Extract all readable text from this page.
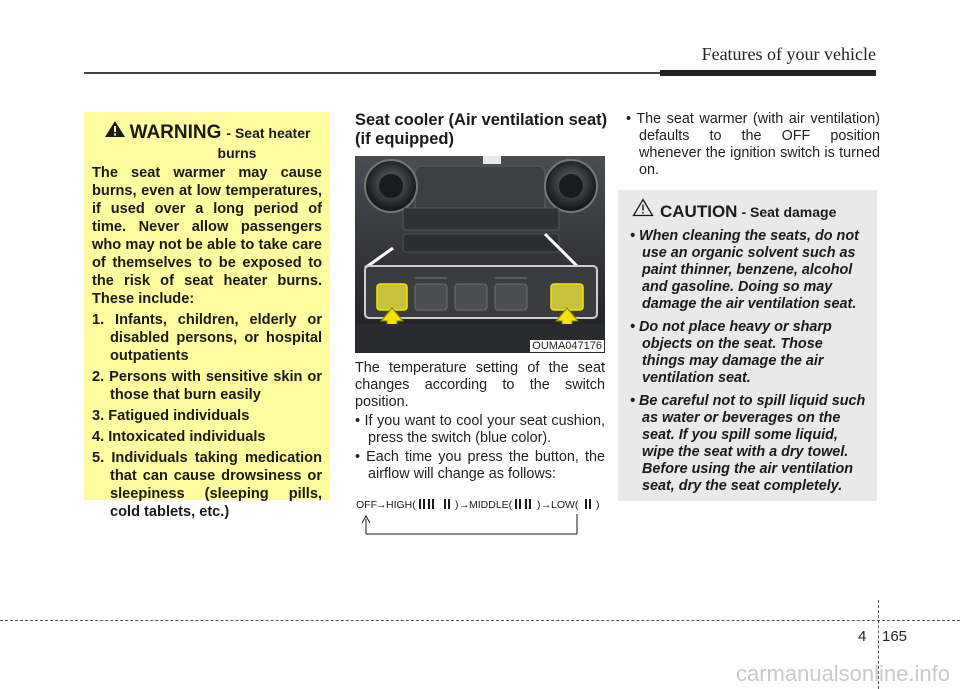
Features of your vehicle
WARNING - Seat heater
burns

The seat warmer may cause burns, even at low temperatures, if used over a long period of time. Never allow passengers who may not be able to take care of themselves to be exposed to the risk of seat heater burns. These include:

1. Infants, children, elderly or disabled persons, or hospital outpatients
2. Persons with sensitive skin or those that burn easily
3. Fatigued individuals
4. Intoxicated individuals
5. Individuals taking medication that can cause drowsiness or sleepiness (sleeping pills, cold tablets, etc.)
Seat cooler (Air ventilation seat)
(if equipped)
OUMA047176

The temperature setting of the seat changes according to the switch position.

• If you want to cool your seat cushion, press the switch (blue color).

• Each time you press the button, the airflow will change as follows:

OFF → HIGH(	) → MIDDLE( ) → LOW( )

• The seat warmer (with air ventilation) defaults to the OFF position whenever the ignition switch is turned on.

CAUTION - Seat damage
• When cleaning the seats, do not use an organic solvent such as paint thinner, benzene, alcohol and gasoline. Doing so may damage the air ventilation seat.
• Do not place heavy or sharp objects on the seat. Those things may damage the air ventilation seat.
• Be careful not to spill liquid such as water or beverages on the seat. If you spill some liquid, wipe the seat with a dry towel. Before using the air ventilation seat, dry the seat completely.
4 165
carmanualsonline.info
